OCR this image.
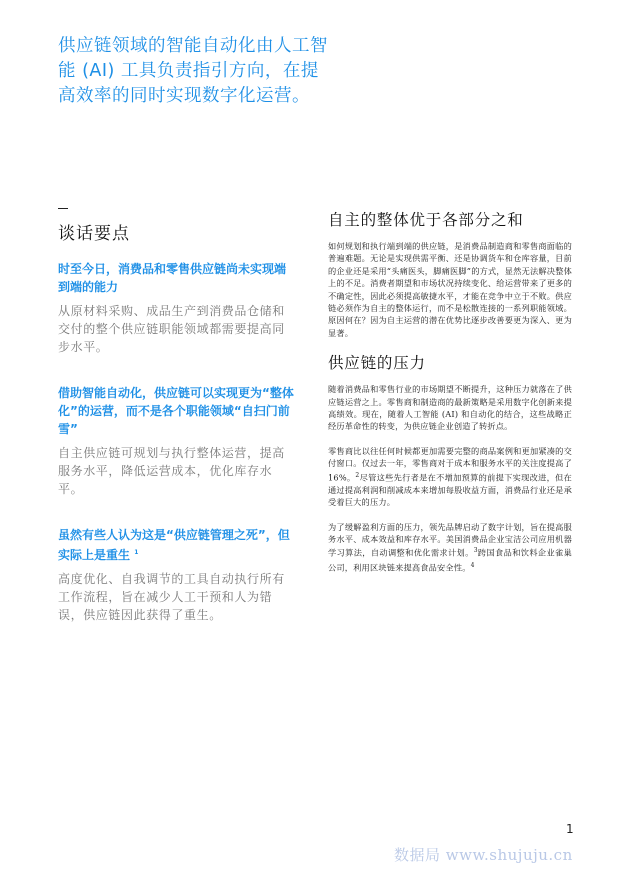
供应链领域的智能自动化由人工智能 (AI) 工具负责指引方向，在提高效率的同时实现数字化运营。
谈话要点

时至今日，消费品和零售供应链尚未实现端到端的能力

从原材料采购、成品生产到消费品仓储和交付的整个供应链职能领域都需要提高同步水平。

借助智能自动化，供应链可以实现更为“整体化”的运营，而不是各个职能领域“自扫门前雪”

自主供应链可规划与执行整体运营，提高服务水平，降低运营成本，优化库存水平。

虽然有些人认为这是“供应链管理之死”，但实际上是重生 $^1$

高度优化、自我调节的工具自动执行所有工作流程，旨在减少人工干预和人为错误，供应链因此获得了重生。

自主的整体优于各部分之和

如何规划和执行端到端的供应链，是消费品制造商和零售商面临的普遍难题。无论是实现供需平衡、还是协调货车和仓库容量，目前的企业还是采用“头痛医头，脚痛医脚”的方式，显然无法解决整体上的不足。消费者期望和市场状况持续变化、给运营带来了更多的不确定性，因此必须提高敏捷水平，才能在竞争中立于不败。供应链必须作为自主的整体运行，而不是松散连接的一系列职能领域。原因何在？因为自主运营的潜在优势比逐步改善要更为深入、更为显著。

供应链的压力

随着消费品和零售行业的市场期望不断提升，这种压力就落在了供应链运营之上。零售商和制造商的最新策略是采用数字化创新来提高绩效。现在，随着人工智能 (AI) 和自动化的结合，这些战略正经历革命性的转变，为供应链企业创造了转折点。

零售商比以往任何时候都更加需要完整的商品案例和更加紧凑的交付窗口。仅过去一年，零售商对于成本和服务水平的关注度提高了 16%。$^2$尽管这些先行者是在不增加预算的前提下实现改进，但在通过提高利润和削减成本来增加每股收益方面，消费品行业还是承受着巨大的压力。

为了缓解盈利方面的压力，领先品牌启动了数字计划，旨在提高服务水平、成本效益和库存水平。美国消费品企业宝洁公司应用机器学习算法，自动调整和优化需求计划。$^3$跨国食品和饮料企业雀巢公司，利用区块链来提高食品安全性。$^4$

1
数据局 www.shujuju.cn
